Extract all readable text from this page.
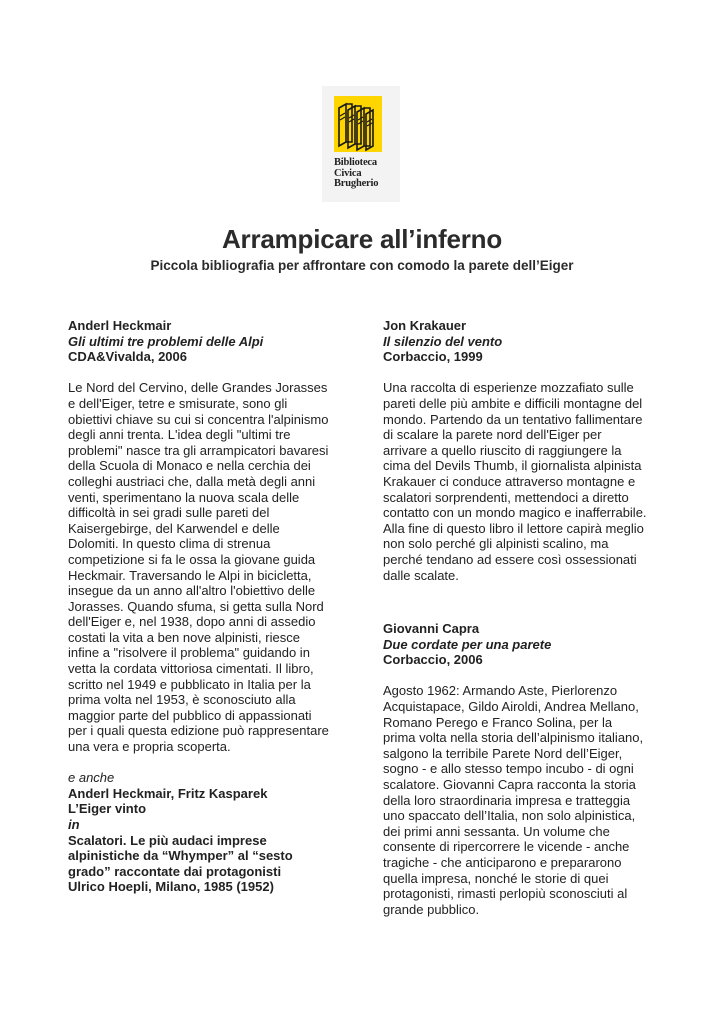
Biblioteca
Civica
Brugherio
Arrampicare all’inferno
Piccola bibliografia per affrontare con comodo la parete dell’Eiger
Anderl Heckmair
Gli ultimi tre problemi delle Alpi
CDA&Vivalda, 2006
Le Nord del Cervino, delle Grandes Jorasses
e dell'Eiger, tetre e smisurate, sono gli
obiettivi chiave su cui si concentra l'alpinismo
degli anni trenta. L'idea degli "ultimi tre
problemi" nasce tra gli arrampicatori bavaresi
della Scuola di Monaco e nella cerchia dei
colleghi austriaci che, dalla metà degli anni
venti, sperimentano la nuova scala delle
difficoltà in sei gradi sulle pareti del
Kaisergebirge, del Karwendel e delle
Dolomiti. In questo clima di strenua
competizione si fa le ossa la giovane guida
Heckmair. Traversando le Alpi in bicicletta,
insegue da un anno all'altro l'obiettivo delle
Jorasses. Quando sfuma, si getta sulla Nord
dell'Eiger e, nel 1938, dopo anni di assedio
costati la vita a ben nove alpinisti, riesce
infine a "risolvere il problema" guidando in
vetta la cordata vittoriosa cimentati. Il libro,
scritto nel 1949 e pubblicato in Italia per la
prima volta nel 1953, è sconosciuto alla
maggior parte del pubblico di appassionati
per i quali questa edizione può rappresentare
una vera e propria scoperta.
e anche
Anderl Heckmair, Fritz Kasparek
L’Eiger vinto
in
Scalatori. Le più audaci imprese
alpinistiche da “Whymper” al “sesto
grado” raccontate dai protagonisti
Ulrico Hoepli, Milano, 1985 (1952)
Jon Krakauer
Il silenzio del vento
Corbaccio, 1999
Una raccolta di esperienze mozzafiato sulle
pareti delle più ambite e difficili montagne del
mondo. Partendo da un tentativo fallimentare
di scalare la parete nord dell'Eiger per
arrivare a quello riuscito di raggiungere la
cima del Devils Thumb, il giornalista alpinista
Krakauer ci conduce attraverso montagne e
scalatori sorprendenti, mettendoci a diretto
contatto con un mondo magico e inafferrabile.
Alla fine di questo libro il lettore capirà meglio
non solo perché gli alpinisti scalino, ma
perché tendano ad essere così ossessionati
dalle scalate.
Giovanni Capra
Due cordate per una parete
Corbaccio, 2006
Agosto 1962: Armando Aste, Pierlorenzo
Acquistapace, Gildo Airoldi, Andrea Mellano,
Romano Perego e Franco Solina, per la
prima volta nella storia dell’alpinismo italiano,
salgono la terribile Parete Nord dell’Eiger,
sogno - e allo stesso tempo incubo - di ogni
scalatore. Giovanni Capra racconta la storia
della loro straordinaria impresa e tratteggia
uno spaccato dell’Italia, non solo alpinistica,
dei primi anni sessanta. Un volume che
consente di ripercorrere le vicende - anche
tragiche - che anticiparono e prepararono
quella impresa, nonché le storie di quei
protagonisti, rimasti perlopiù sconosciuti al
grande pubblico.
